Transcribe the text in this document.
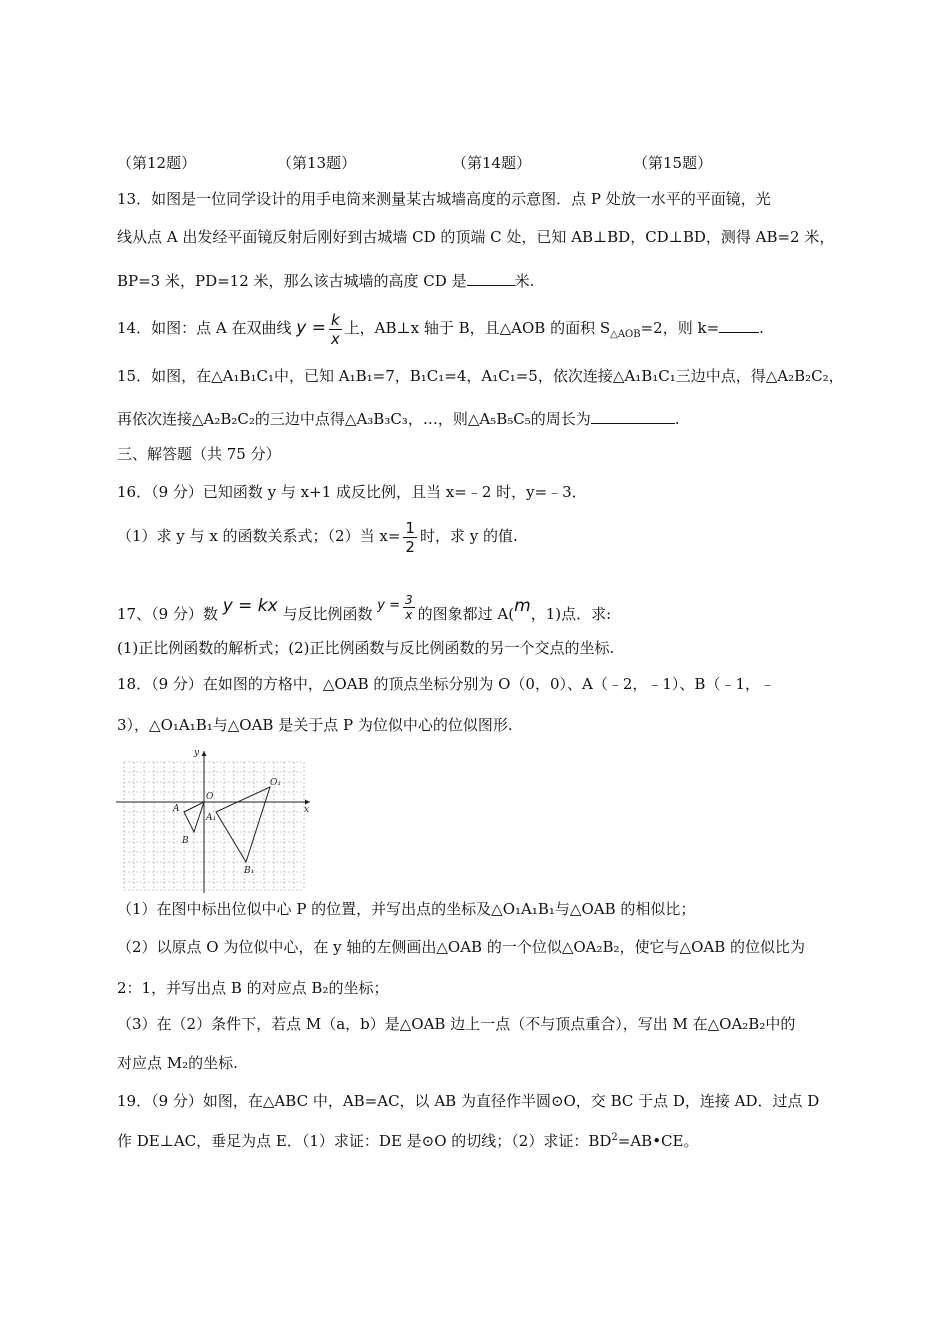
（第12题）	（第13题）	（第14题）	（第15题）
13．如图是一位同学设计的用手电筒来测量某古城墙高度的示意图．点 P 处放一水平的平面镜，光
线从点 A 出发经平面镜反射后刚好到古城墙 CD 的顶端 C 处，已知 AB⊥BD，CD⊥BD，测得 AB=2 米，
BP=3 米，PD=12 米，那么该古城墙的高度 CD 是	米.
14．如图：点 A 在双曲线 $y = \frac{k}{x}$ 上，AB⊥x 轴于 B，且△AOB 的面积 $S_{\triangle AOB}=2$，则 k=	.
15．如图，在△A₁B₁C₁中，已知 A₁B₁=7，B₁C₁=4，A₁C₁=5，依次连接△A₁B₁C₁三边中点，得△A₂B₂C₂，
再依次连接△A₂B₂C₂的三边中点得△A₃B₃C₃，…，则△A₅B₅C₅的周长为	.
三、解答题（共 75 分）
16．（9 分）已知函数 y 与 x+1 成反比例，且当 x=﹣2 时，y=﹣3．
（1）求 y 与 x 的函数关系式；（2）当 $x= \frac{1}{2}$ 时，求 y 的值.
17、（9 分）数 y = kx 与反比例函数 $y = \frac{3}{x}$ 的图象都过 A(m，1)点．求:
(1)正比例函数的解析式；(2)正比例函数与反比例函数的另一个交点的坐标.
18．（9 分）在如图的方格中，△OAB 的顶点坐标分别为 O（0，0）、A（﹣2，﹣1）、B（﹣1，﹣
3），△O₁A₁B₁与△OAB 是关于点 P 为位似中心的位似图形.
y
x
O
A
B
O₁
A₁
B₁
（1）在图中标出位似中心 P 的位置，并写出点的坐标及△O₁A₁B₁与△OAB 的相似比；
（2）以原点 O 为位似中心，在 y 轴的左侧画出△OAB 的一个位似△OA₂B₂，使它与△OAB 的位似比为
2：1，并写出点 B 的对应点 B₂的坐标；
（3）在（2）条件下，若点 M（a，b）是△OAB 边上一点（不与顶点重合），写出 M 在△OA₂B₂中的
对应点 M₂的坐标.
19．（9 分）如图，在△ABC 中，AB=AC，以 AB 为直径作半圆⊙O，交 BC 于点 D，连接 AD．过点 D
作 DE⊥AC，垂足为点 E．（1）求证：DE 是⊙O 的切线；（2）求证：$BD^2=AB•CE$。
